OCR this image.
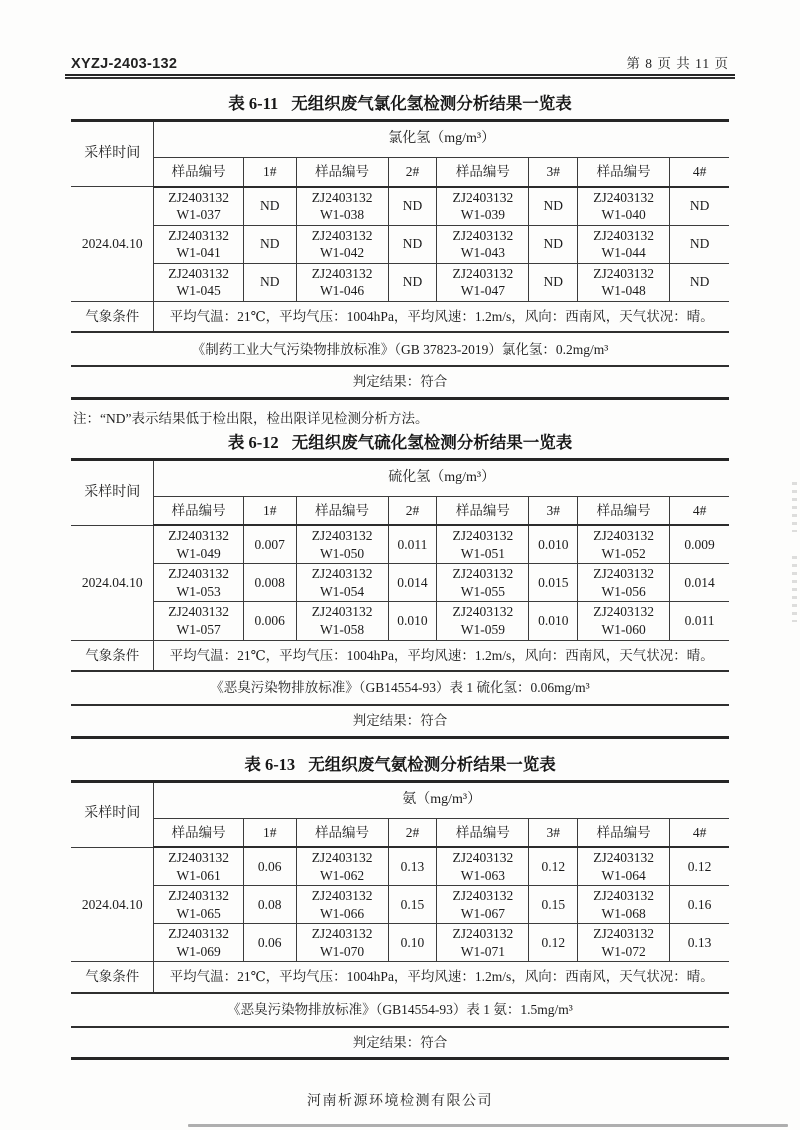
XYZJ-2403-132	第 8 页 共 11 页
表 6-11 无组织废气氯化氢检测分析结果一览表
采样时间	氯化氢（mg/m³）							
	样品编号	1#	样品编号	2#	样品编号	3#	样品编号	4#
2024.04.10	ZJ2403132 W1-037	ND	ZJ2403132 W1-038	ND	ZJ2403132 W1-039	ND	ZJ2403132 W1-040	ND
	ZJ2403132 W1-041	ND	ZJ2403132 W1-042	ND	ZJ2403132 W1-043	ND	ZJ2403132 W1-044	ND
	ZJ2403132 W1-045	ND	ZJ2403132 W1-046	ND	ZJ2403132 W1-047	ND	ZJ2403132 W1-048	ND
气象条件	平均气温：21℃，平均气压：1004hPa，平均风速：1.2m/s，风向：西南风，天气状况：晴。							
《制药工业大气污染物排放标准》（GB 37823-2019）氯化氢：0.2mg/m³								
判定结果：符合								
注：“ND”表示结果低于检出限，检出限详见检测分析方法。
表 6-12 无组织废气硫化氢检测分析结果一览表
采样时间	硫化氢（mg/m³）							
	样品编号	1#	样品编号	2#	样品编号	3#	样品编号	4#
2024.04.10	ZJ2403132 W1-049	0.007	ZJ2403132 W1-050	0.011	ZJ2403132 W1-051	0.010	ZJ2403132 W1-052	0.009
	ZJ2403132 W1-053	0.008	ZJ2403132 W1-054	0.014	ZJ2403132 W1-055	0.015	ZJ2403132 W1-056	0.014
	ZJ2403132 W1-057	0.006	ZJ2403132 W1-058	0.010	ZJ2403132 W1-059	0.010	ZJ2403132 W1-060	0.011
气象条件	平均气温：21℃，平均气压：1004hPa，平均风速：1.2m/s，风向：西南风，天气状况：晴。							
《恶臭污染物排放标准》（GB14554-93）表 1 硫化氢：0.06mg/m³								
判定结果：符合								
表 6-13 无组织废气氨检测分析结果一览表
采样时间	氨（mg/m³）							
	样品编号	1#	样品编号	2#	样品编号	3#	样品编号	4#
2024.04.10	ZJ2403132 W1-061	0.06	ZJ2403132 W1-062	0.13	ZJ2403132 W1-063	0.12	ZJ2403132 W1-064	0.12
	ZJ2403132 W1-065	0.08	ZJ2403132 W1-066	0.15	ZJ2403132 W1-067	0.15	ZJ2403132 W1-068	0.16
	ZJ2403132 W1-069	0.06	ZJ2403132 W1-070	0.10	ZJ2403132 W1-071	0.12	ZJ2403132 W1-072	0.13
气象条件	平均气温：21℃，平均气压：1004hPa，平均风速：1.2m/s，风向：西南风，天气状况：晴。							
《恶臭污染物排放标准》（GB14554-93）表 1 氨：1.5mg/m³								
判定结果：符合								
河南析源环境检测有限公司
